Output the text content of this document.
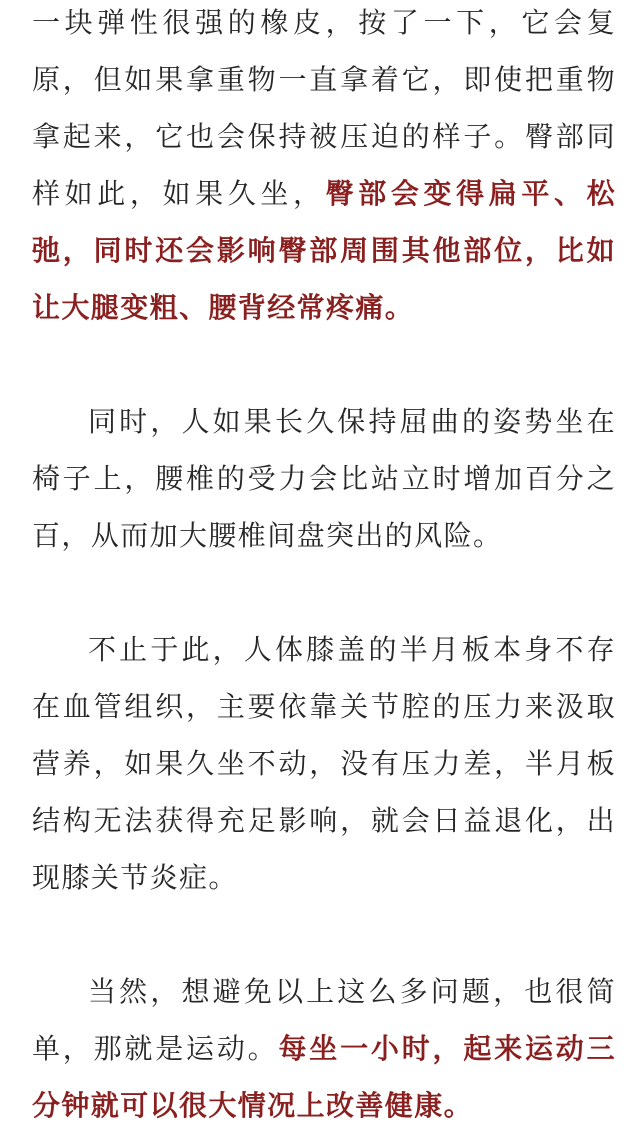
一块弹性很强的橡皮，按了一下，它会复原，但如果拿重物一直拿着它，即使把重物拿起来，它也会保持被压迫的样子。臀部同样如此，如果久坐，臀部会变得扁平、松弛，同时还会影响臀部周围其他部位，比如让大腿变粗、腰背经常疼痛。

同时，人如果长久保持屈曲的姿势坐在椅子上，腰椎的受力会比站立时增加百分之百，从而加大腰椎间盘突出的风险。

不止于此，人体膝盖的半月板本身不存在血管组织，主要依靠关节腔的压力来汲取营养，如果久坐不动，没有压力差，半月板结构无法获得充足影响，就会日益退化，出现膝关节炎症。

当然，想避免以上这么多问题，也很简单，那就是运动。每坐一小时，起来运动三分钟就可以很大情况上改善健康。
